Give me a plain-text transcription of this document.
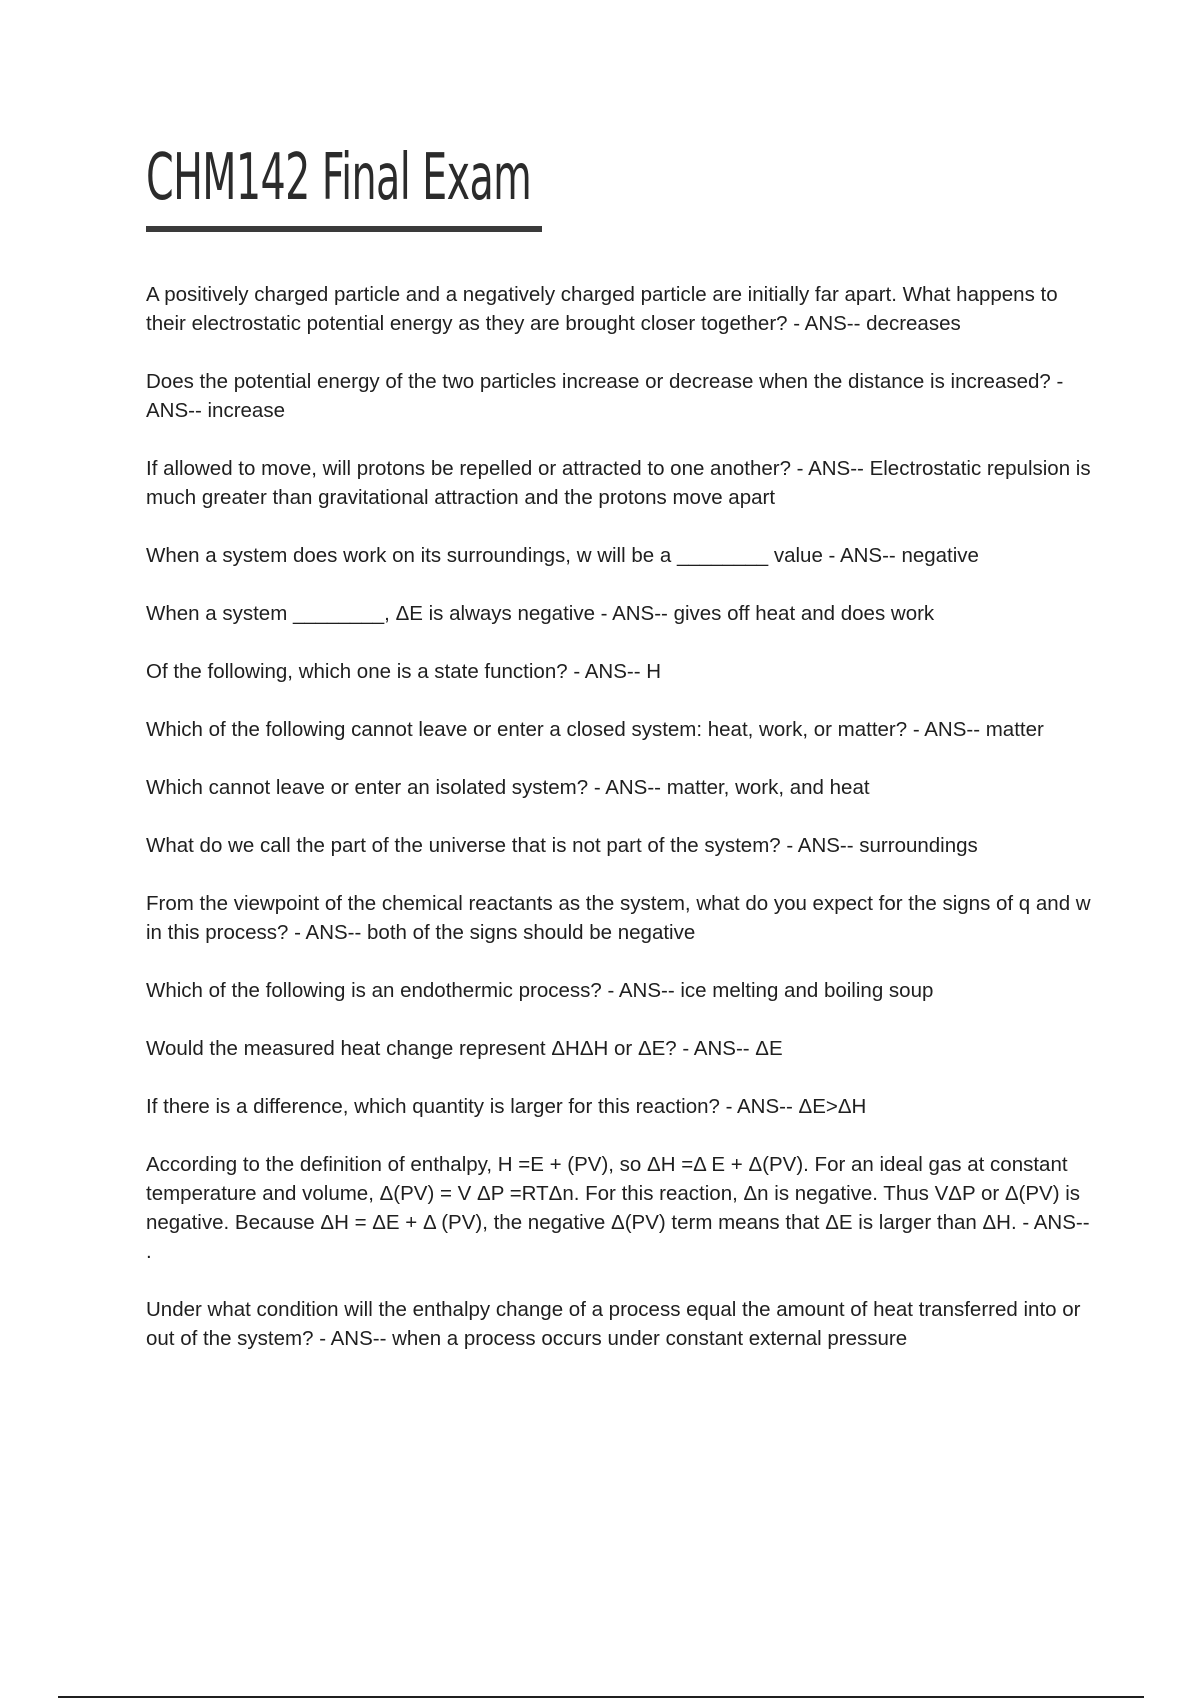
CHM142 Final Exam
A positively charged particle and a negatively charged particle are initially far apart. What happens to their electrostatic potential energy as they are brought closer together? - ANS-- decreases
Does the potential energy of the two particles increase or decrease when the distance is increased? - ANS-- increase
If allowed to move, will protons be repelled or attracted to one another? - ANS-- Electrostatic repulsion is much greater than gravitational attraction and the protons move apart
When a system does work on its surroundings, w will be a ________ value - ANS-- negative
When a system ________, ΔE is always negative - ANS-- gives off heat and does work
Of the following, which one is a state function? - ANS-- H
Which of the following cannot leave or enter a closed system: heat, work, or matter? - ANS-- matter
Which cannot leave or enter an isolated system? - ANS-- matter, work, and heat
What do we call the part of the universe that is not part of the system? - ANS-- surroundings
From the viewpoint of the chemical reactants as the system, what do you expect for the signs of q and w in this process? - ANS-- both of the signs should be negative
Which of the following is an endothermic process? - ANS-- ice melting and boiling soup
Would the measured heat change represent ΔHΔH or ΔE? - ANS-- ΔE
If there is a difference, which quantity is larger for this reaction? - ANS-- ΔE>ΔH
According to the definition of enthalpy, H =E + (PV), so ΔH =Δ E + Δ(PV). For an ideal gas at constant temperature and volume, Δ(PV) = V ΔP =RTΔn. For this reaction, Δn is negative. Thus VΔP or Δ(PV) is negative. Because ΔH = ΔE + Δ (PV), the negative Δ(PV) term means that ΔE is larger than ΔH. - ANS-- .
Under what condition will the enthalpy change of a process equal the amount of heat transferred into or out of the system? - ANS-- when a process occurs under constant external pressure
